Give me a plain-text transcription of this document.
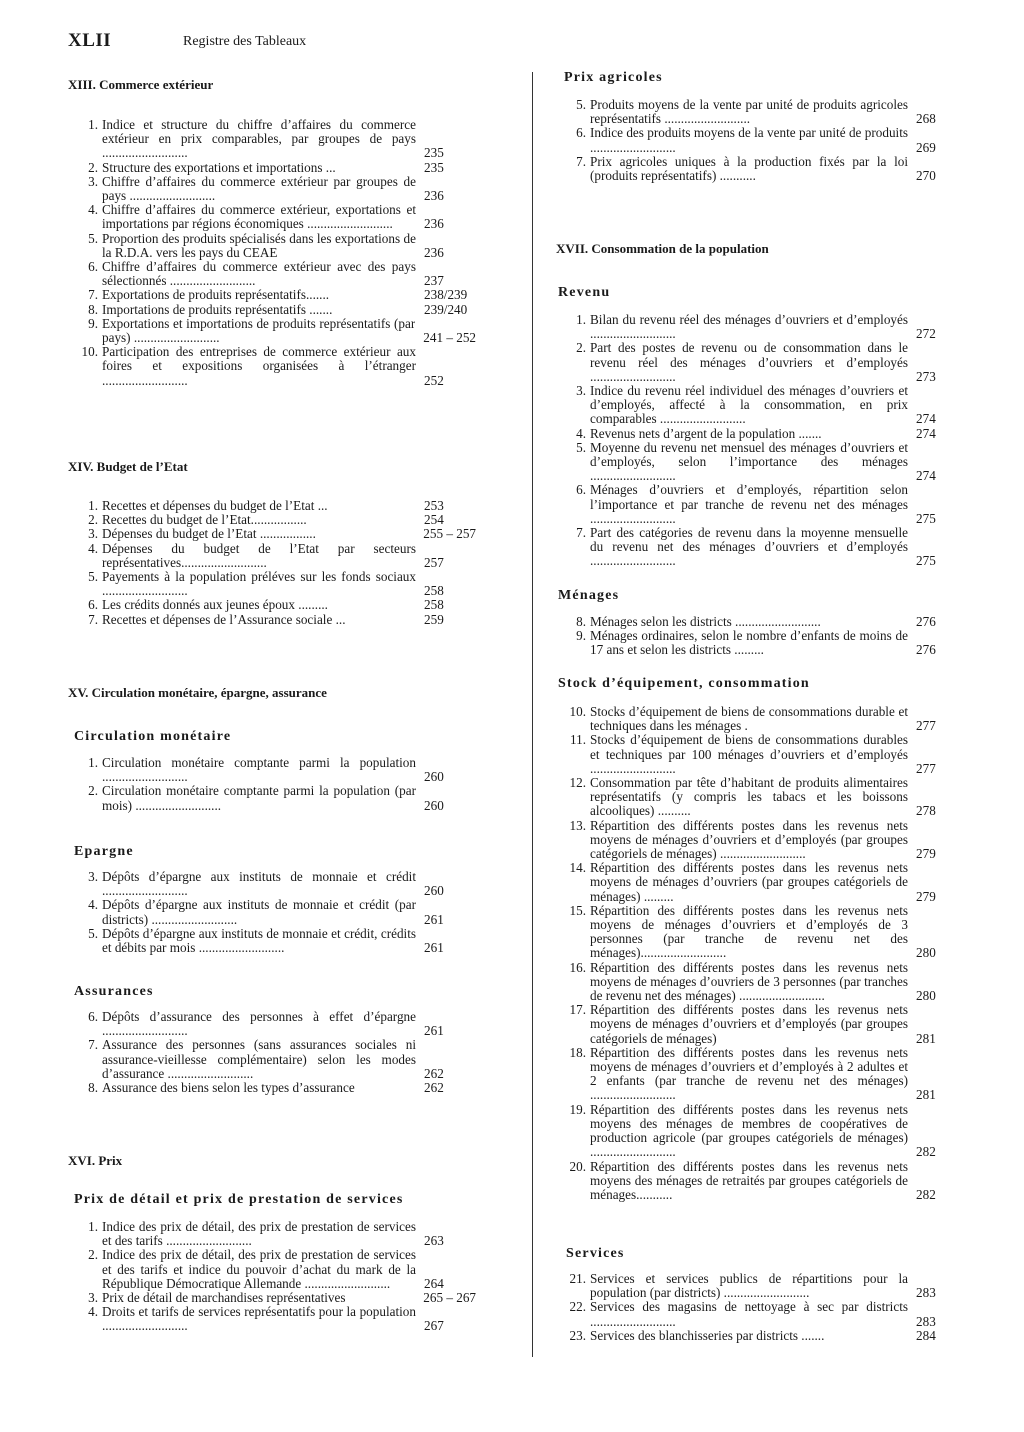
XLII	Registre des Tableaux
XIII. Commerce extérieur
1. Indice et structure du chiffre d’affaires du commerce extérieur en prix comparables, par groupes de pays ..........................	235
2. Structure des exportations et importations ...	235
3. Chiffre d’affaires du commerce extérieur par groupes de pays ..........................	236
4. Chiffre d’affaires du commerce extérieur, exportations et importations par régions économiques ..........................	236
5. Proportion des produits spécialisés dans les exportations de la R.D.A. vers les pays du CEAE	236
6. Chiffre d’affaires du commerce extérieur avec des pays sélectionnés ..........................	237
7. Exportations de produits représentatifs.......	238/239
8. Importations de produits représentatifs .......	239/240
9. Exportations et importations de produits représentatifs (par pays) ..........................	241 – 252
10. Participation des entreprises de commerce extérieur aux foires et expositions organisées à l’étranger ..........................	252
XIV. Budget de l’Etat
1. Recettes et dépenses du budget de l’Etat ...	253
2. Recettes du budget de l’Etat.................	254
3. Dépenses du budget de l’Etat .................	255 – 257
4. Dépenses du budget de l’Etat par secteurs représentatives..........................	257
5. Payements à la population préléves sur les fonds sociaux ..........................	258
6. Les crédits donnés aux jeunes époux .........	258
7. Recettes et dépenses de l’Assurance sociale ...	259
XV. Circulation monétaire, épargne, assurance
Circulation monétaire
1. Circulation monétaire comptante parmi la population ..........................	260
2. Circulation monétaire comptante parmi la population (par mois) ..........................	260
Epargne
3. Dépôts d’épargne aux instituts de monnaie et crédit ..........................	260
4. Dépôts d’épargne aux instituts de monnaie et crédit (par districts) ..........................	261
5. Dépôts d’épargne aux instituts de monnaie et crédit, crédits et débits par mois ..........................	261
Assurances
6. Dépôts d’assurance des personnes à effet d’épargne ..........................	261
7. Assurance des personnes (sans assurances sociales ni assurance-vieillesse complémentaire) selon les modes d’assurance ..........................	262
8. Assurance des biens selon les types d’assurance	262
XVI. Prix
Prix de détail et prix de prestation de services
1. Indice des prix de détail, des prix de prestation de services et des tarifs ..........................	263
2. Indice des prix de détail, des prix de prestation de services et des tarifs et indice du pouvoir d’achat du mark de la République Démocratique Allemande ..........................	264
3. Prix de détail de marchandises représentatives	265 – 267
4. Droits et tarifs de services représentatifs pour la population ..........................	267
Prix agricoles
5. Produits moyens de la vente par unité de produits agricoles représentatifs ..........................	268
6. Indice des produits moyens de la vente par unité de produits ..........................	269
7. Prix agricoles uniques à la production fixés par la loi (produits représentatifs) ...........	270
XVII. Consommation de la population
Revenu
1. Bilan du revenu réel des ménages d’ouvriers et d’employés ..........................	272
2. Part des postes de revenu ou de consommation dans le revenu réel des ménages d’ouvriers et d’employés ..........................	273
3. Indice du revenu réel individuel des ménages d’ouvriers et d’employés, affecté à la consommation, en prix comparables ..........................	274
4. Revenus nets d’argent de la population .......	274
5. Moyenne du revenu net mensuel des ménages d’ouvriers et d’employés, selon l’importance des ménages ..........................	274
6. Ménages d’ouvriers et d’employés, répartition selon l’importance et par tranche de revenu net des ménages ..........................	275
7. Part des catégories de revenu dans la moyenne mensuelle du revenu net des ménages d’ouvriers et d’employés ..........................	275
Ménages
8. Ménages selon les districts ..........................	276
9. Ménages ordinaires, selon le nombre d’enfants de moins de 17 ans et selon les districts .........	276
Stock d’équipement, consommation
10. Stocks d’équipement de biens de consommations durable et techniques dans les ménages .	277
11. Stocks d’équipement de biens de consommations durables et techniques par 100 ménages d’ouvriers et d’employés ..........................	277
12. Consommation par tête d’habitant de produits alimentaires représentatifs (y compris les tabacs et les boissons alcooliques) ..........	278
13. Répartition des différents postes dans les revenus nets moyens de ménages d’ouvriers et d’employés (par groupes catégoriels de ménages) ..........................	279
14. Répartition des différents postes dans les revenus nets moyens de ménages d’ouvriers (par groupes catégoriels de ménages) .........	279
15. Répartition des différents postes dans les revenus nets moyens de ménages d’ouvriers et d’employés de 3 personnes (par tranche de revenu net des ménages)..........................	280
16. Répartition des différents postes dans les revenus nets moyens de ménages d’ouvriers de 3 personnes (par tranches de revenu net des ménages) ..........................	280
17. Répartition des différents postes dans les revenus nets moyens de ménages d’ouvriers et d’employés (par groupes catégoriels de ménages)	281
18. Répartition des différents postes dans les revenus nets moyens de ménages d’ouvriers et d’employés à 2 adultes et 2 enfants (par tranche de revenu net des ménages) ..........................	281
19. Répartition des différents postes dans les revenus nets moyens des ménages de membres de coopératives de production agricole (par groupes catégoriels de ménages) ..........................	282
20. Répartition des différents postes dans les revenus nets moyens des ménages de retraités par groupes catégoriels de ménages...........	282
Services
21. Services et services publics de répartitions pour la population (par districts) ..........................	283
22. Services des magasins de nettoyage à sec par districts ..........................	283
23. Services des blanchisseries par districts .......	284
